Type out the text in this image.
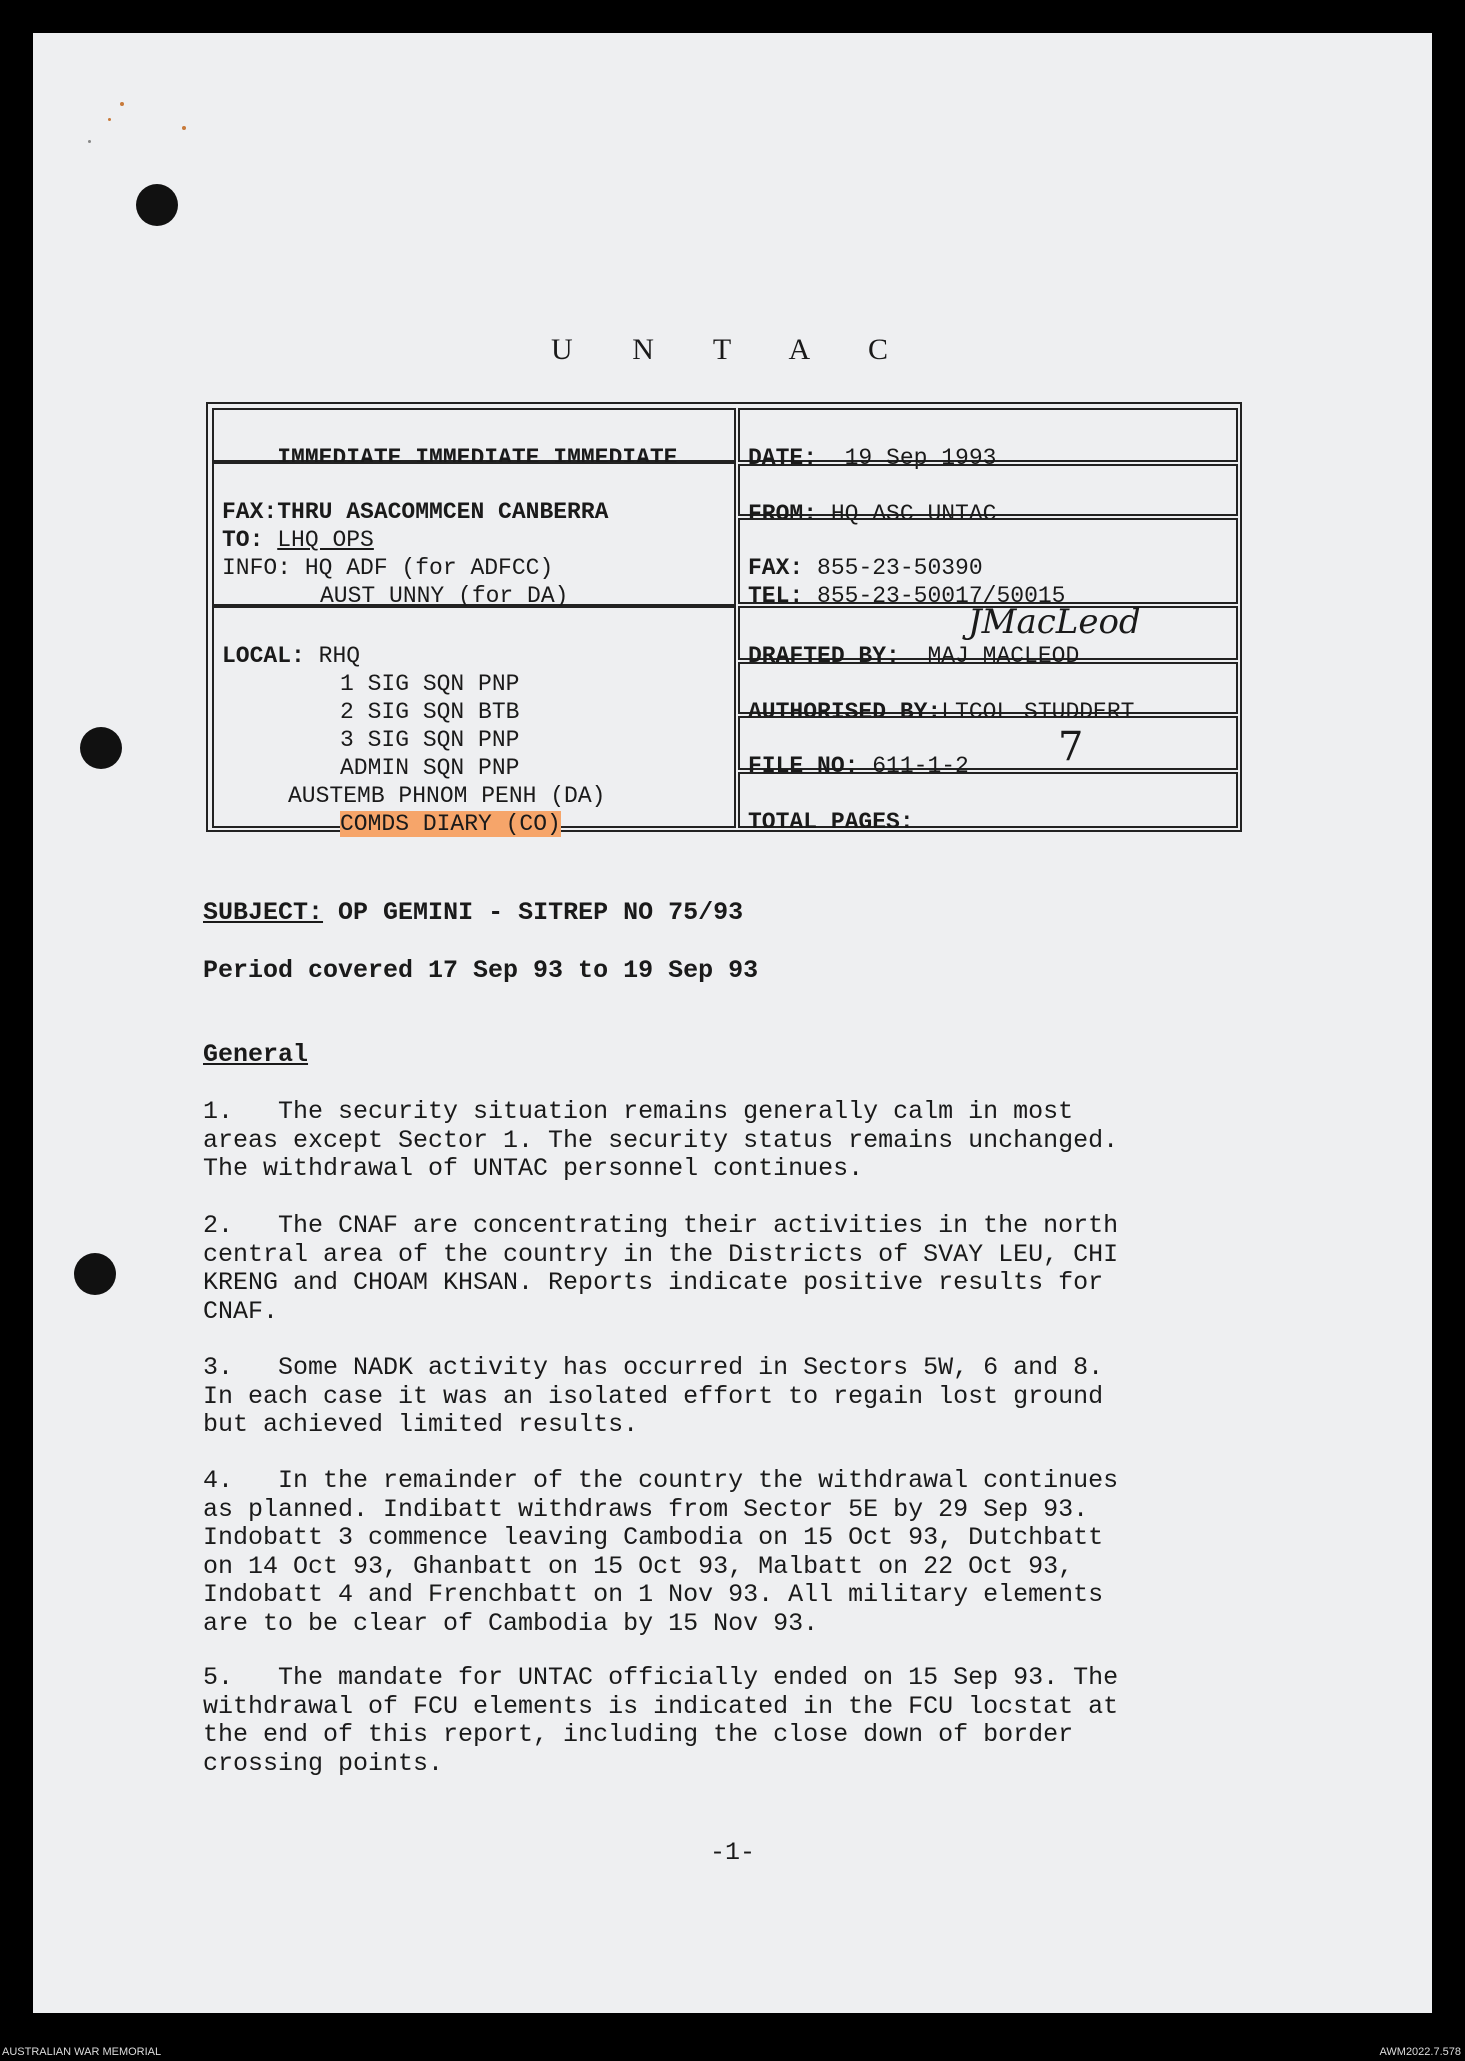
U N T A C

IMMEDIATE IMMEDIATE IMMEDIATE

FAX:THRU ASACOMMCEN CANBERRA
TO: LHQ OPS
INFO: HQ ADF (for ADFCC)
AUST UNNY (for DA)

LOCAL: RHQ
1 SIG SQN PNP
2 SIG SQN BTB
3 SIG SQN PNP
ADMIN SQN PNP
AUSTEMB PHNOM PENH (DA)
COMDS DIARY (CO)

DATE: 19 Sep 1993

FROM: HQ ASC UNTAC

FAX: 855-23-50390
TEL: 855-23-50017/50015

DRAFTED BY: MAJ MACLEOD
JMacLeod

AUTHORISED BY:LTCOL STUDDERT

FILE NO: 611-1-2	7

TOTAL PAGES:
SUBJECT: OP GEMINI - SITREP NO 75/93
Period covered 17 Sep 93 to 19 Sep 93
General
1.   The security situation remains generally calm in most
areas except Sector 1. The security status remains unchanged.
The withdrawal of UNTAC personnel continues.
2.   The CNAF are concentrating their activities in the north
central area of the country in the Districts of SVAY LEU, CHI
KRENG and CHOAM KHSAN. Reports indicate positive results for
CNAF.
3.   Some NADK activity has occurred in Sectors 5W, 6 and 8.
In each case it was an isolated effort to regain lost ground
but achieved limited results.
4.   In the remainder of the country the withdrawal continues
as planned. Indibatt withdraws from Sector 5E by 29 Sep 93.
Indobatt 3 commence leaving Cambodia on 15 Oct 93, Dutchbatt
on 14 Oct 93, Ghanbatt on 15 Oct 93, Malbatt on 22 Oct 93,
Indobatt 4 and Frenchbatt on 1 Nov 93. All military elements
are to be clear of Cambodia by 15 Nov 93.
5.   The mandate for UNTAC officially ended on 15 Sep 93. The
withdrawal of FCU elements is indicated in the FCU locstat at
the end of this report, including the close down of border
crossing points.
-1-
AUSTRALIAN WAR MEMORIAL	AWM2022.7.578
